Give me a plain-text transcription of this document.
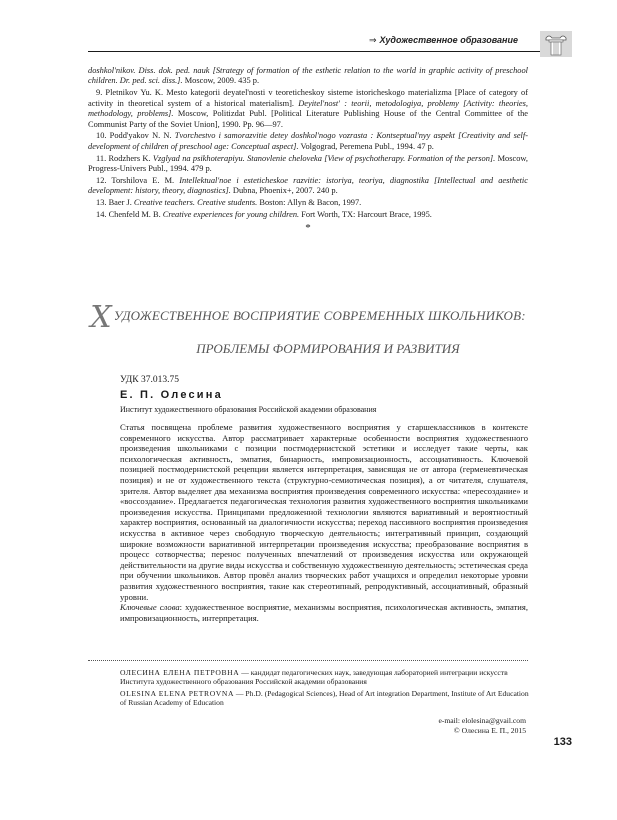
⇒ Художественное образование

doshkol'nikov. Diss. dok. ped. nauk [Strategy of formation of the esthetic relation to the world in graphic activity of preschool children. Dr. ped. sci. diss.]. Moscow, 2009. 435 p.

9. Pletnikov Yu. K. Mesto kategorii deyatel'nosti v teoreticheskoy sisteme istoricheskogo materializma [Place of category of activity in theoretical system of a historical materialism]. Deyitel'nost' : teorii, metodologiya, problemy [Activity: theories, methodology, problems]. Moscow, Politizdat Publ. [Political Literature Publishing House of the Central Committee of the Communist Party of the Soviet Union], 1990. Pp. 96—97.

10. Podd'yakov N. N. Tvorchestvo i samorazvitie detey doshkol'nogo vozrasta : Kontseptual'nyy aspekt [Creativity and self-development of children of preschool age: Conceptual aspect]. Volgograd, Peremena Publ., 1994. 47 p.

11. Rodzhers K. Vzglyad na psikhoterapiyu. Stanovlenie cheloveka [View of psychotherapy. Formation of the person]. Moscow, Progress-Univers Publ., 1994. 479 p.

12. Torshilova E. M. Intellektual'noe i esteticheskoe razvitie: istoriya, teoriya, diagnostika [Intellectual and aesthetic development: history, theory, diagnostics]. Dubna, Phoenix+, 2007. 240 p.

13. Baer J. Creative teachers. Creative students. Boston: Allyn & Bacon, 1997.

14. Chenfeld M. B. Creative experiences for young children. Fort Worth, TX: Harcourt Brace, 1995.

*
ХУДОЖЕСТВЕННОЕ ВОСПРИЯТИЕ СОВРЕМЕННЫХ ШКОЛЬНИКОВ:
ПРОБЛЕМЫ ФОРМИРОВАНИЯ И РАЗВИТИЯ
УДК 37.013.75
Е. П. Олесина
Институт художественного образования Российской академии образования

Статья посвящена проблеме развития художественного восприятия у старшеклассников в контексте современного искусства. Автор рассматривает характерные особенности восприятия художественного произведения школьниками с позиции постмодернистской эстетики и исследует такие черты, как психологическая активность, эмпатия, бинарность, импровизационность, ассоциативность. Ключевой позицией постмодернистской рецепции является интерпретация, зависящая не от автора (герменевтическая позиция) и не от художественного текста (структурно-семиотическая позиция), а от читателя, слушателя, зрителя. Автор выделяет два механизма восприятия произведения современного искусства: «пересоздание» и «воссоздание». Предлагается педагогическая технология развития художественного восприятия школьниками произведения искусства. Принципами предложенной технологии являются вариативный и вероятностный характер восприятия, основанный на диалогичности искусства; переход пассивного восприятия произведения искусства в активное через свободную творческую деятельность; интегративный принцип, создающий широкие возможности вариативной интерпретации произведения искусства; преобразование восприятия в процесс сотворчества; перенос полученных впечатлений от произведения искусства или окружающей действительности на другие виды искусства и собственную художественную деятельность; эстетическая среда при обучении школьников. Автор провёл анализ творческих работ учащихся и определил некоторые уровни развития художественного восприятия, такие как стереотипный, репродуктивный, ассоциативный, образный уровни.

Ключевые слова: художественное восприятие, механизмы восприятия, психологическая активность, эмпатия, импровизационность, интерпретация.

ОЛЕСИНА ЕЛЕНА ПЕТРОВНА — кандидат педагогических наук, заведующая лабораторией интеграции искусств Института художественного образования Российской академии образования

OLESINA ELENA PETROVNA — Ph.D. (Pedagogical Sciences), Head of Art integration Department, Institute of Art Education of Russian Academy of Education

e-mail: elolesina@gvail.com
© Олесина Е. П., 2015
133
